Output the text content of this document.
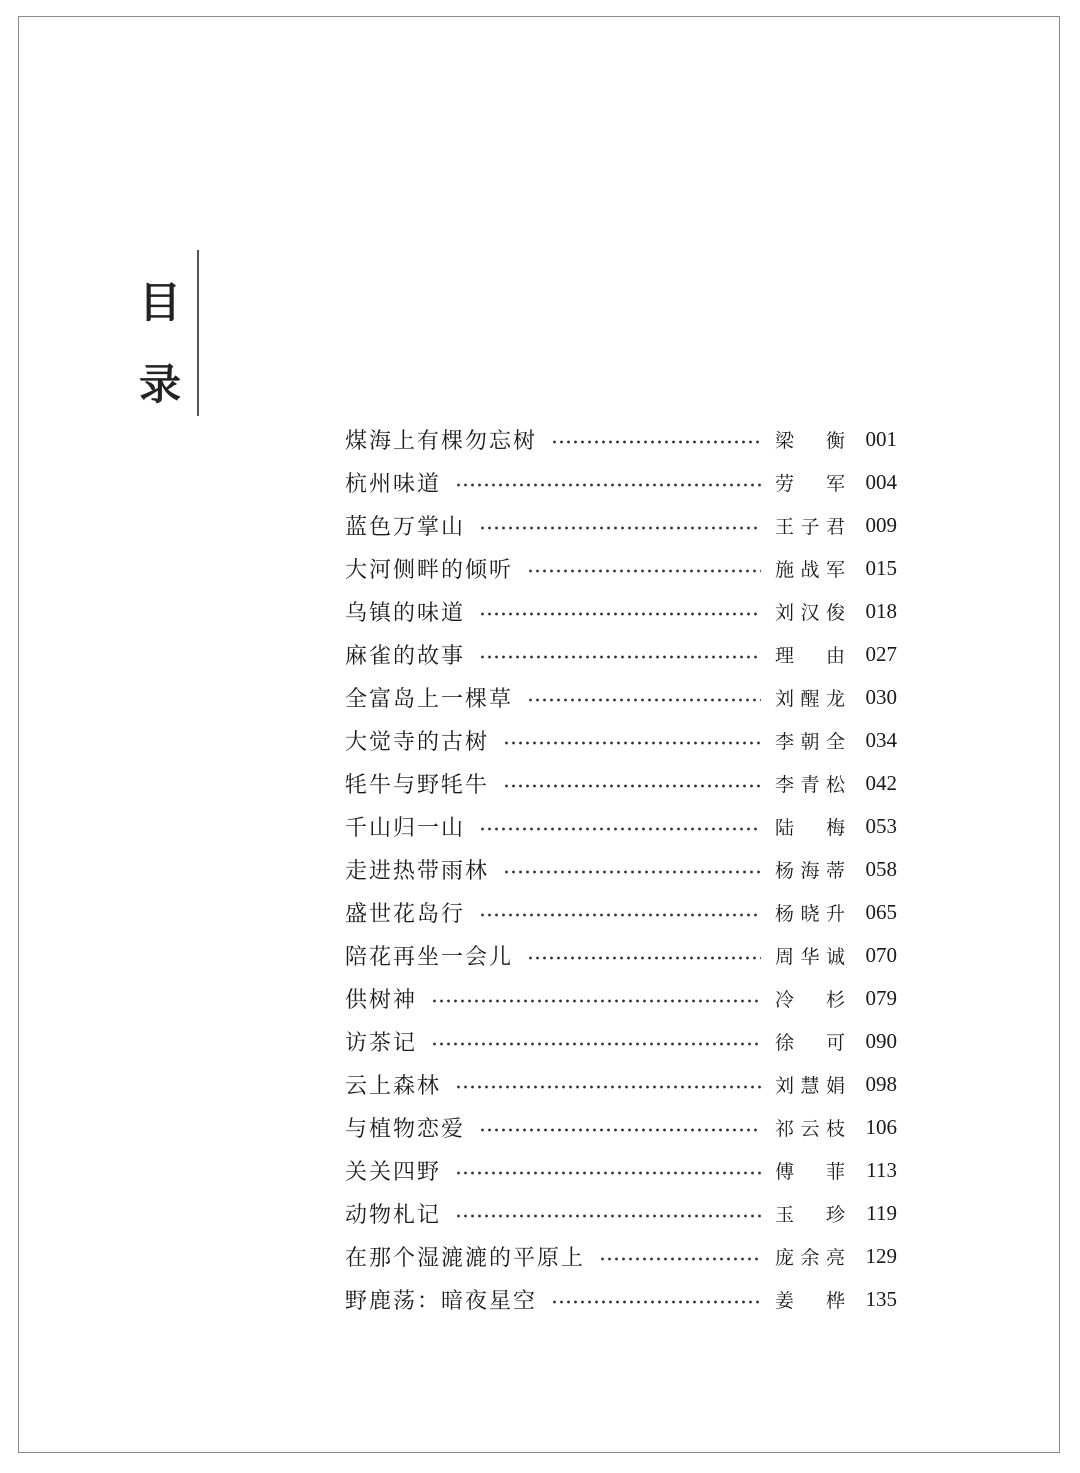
目
录
煤海上有棵勿忘树	梁　衡 001
杭州味道	劳　军 004
蓝色万掌山	王子君 009
大河侧畔的倾听	施战军 015
乌镇的味道	刘汉俊 018
麻雀的故事	理　由 027
全富岛上一棵草	刘醒龙 030
大觉寺的古树	李朝全 034
牦牛与野牦牛	李青松 042
千山归一山	陆　梅 053
走进热带雨林	杨海蒂 058
盛世花岛行	杨晓升 065
陪花再坐一会儿	周华诚 070
供树神	冷　杉 079
访茶记	徐　可 090
云上森林	刘慧娟 098
与植物恋爱	祁云枝 106
关关四野	傅　菲	113
动物札记	玉　珍	119
在那个湿漉漉的平原上	庞余亮 129
野鹿荡：暗夜星空	姜　桦 135
